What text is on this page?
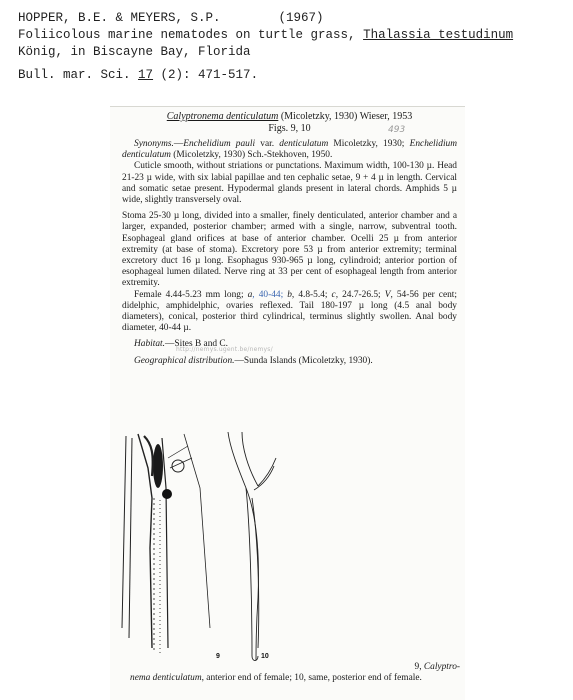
HOPPER, B.E. & MEYERS, S.P.	(1967)
Foliicolous marine nematodes on turtle grass, Thalassia testudinum
König, in Biscayne Bay, Florida
Bull. mar. Sci. 17 (2): 471-517.
Calyptronema denticulatum (Micoletzky, 1930) Wieser, 1953
493
Figs. 9, 10

Synonyms.—Enchelidium pauli var. denticulatum Micoletzky, 1930; Enchelidium denticulatum (Micoletzky, 1930) Sch.-Stekhoven, 1950.

Cuticle smooth, without striations or punctations. Maximum width, 100-130 µ. Head 21-23 µ wide, with six labial papillae and ten cephalic setae, 9 + 4 µ in length. Cervical and somatic setae present. Hypodermal glands present in lateral chords. Amphids 5 µ wide, slightly transversely oval.

Stoma 25-30 µ long, divided into a smaller, finely denticulated, anterior chamber and a larger, expanded, posterior chamber; armed with a single, narrow, subventral tooth. Esophageal gland orifices at base of anterior chamber. Ocelli 25 µ from anterior extremity (at base of stoma). Excretory pore 53 µ from anterior extremity; terminal excretory duct 16 µ long. Esophagus 930-965 µ long, cylindroid; anterior portion of esophageal lumen dilated. Nerve ring at 33 per cent of esophageal length from anterior extremity.

Female 4.44-5.23 mm long; a, 40-44; b, 4.8-5.4; c, 24.7-26.5; V, 54-56 per cent; didelphic, amphidelphic, ovaries reflexed. Tail 180-197 µ long (4.5 anal body diameters), conical, posterior third cylindrical, terminus slightly swollen. Anal body diameter, 40-44 µ.

Habitat.—Sites B and C.

Geographical distribution.—Sunda Islands (Micoletzky, 1930).

http://nemys.ugent.be/nemys/
9	10
9, Calyptro-
nema denticulatum, anterior end of female; 10, same, posterior end of female.
